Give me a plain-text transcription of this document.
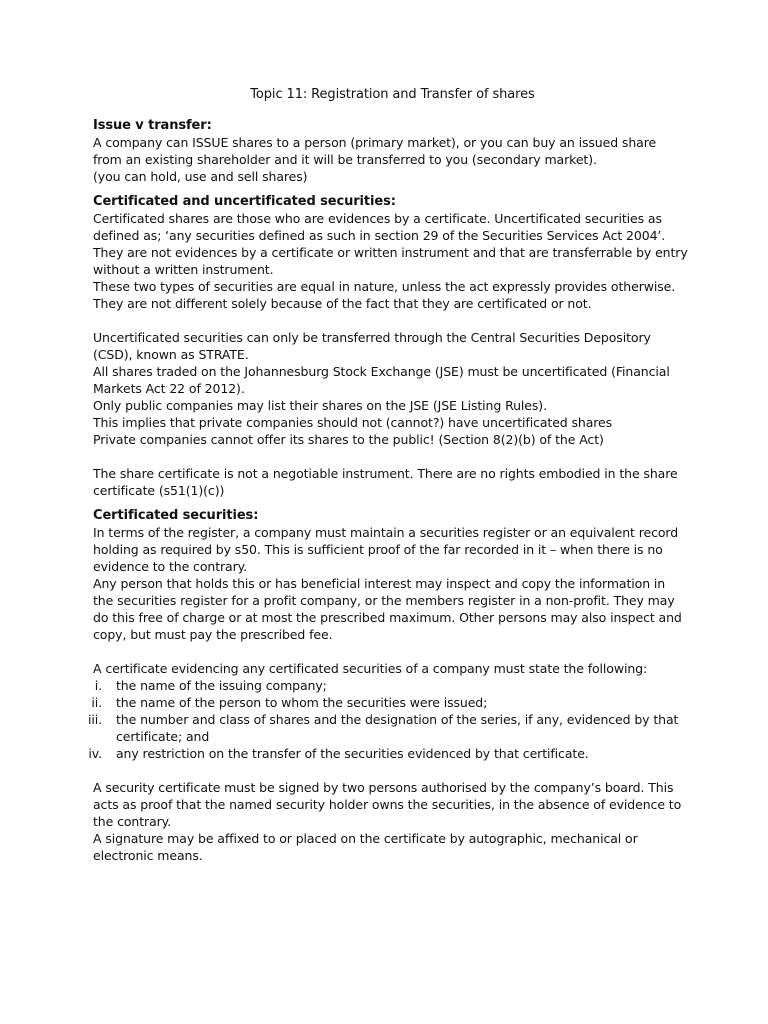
Topic 11: Registration and Transfer of shares
Issue v transfer:

A company can ISSUE shares to a person (primary market), or you can buy an issued share from an existing shareholder and it will be transferred to you (secondary market).

(you can hold, use and sell shares)

Certificated and uncertificated securities:

Certificated shares are those who are evidences by a certificate. Uncertificated securities as defined as; ‘any securities defined as such in section 29 of the Securities Services Act 2004’. They are not evidences by a certificate or written instrument and that are transferrable by entry without a written instrument.

These two types of securities are equal in nature, unless the act expressly provides otherwise. They are not different solely because of the fact that they are certificated or not.

Uncertificated securities can only be transferred through the Central Securities Depository (CSD), known as STRATE.

All shares traded on the Johannesburg Stock Exchange (JSE) must be uncertificated (Financial Markets Act 22 of 2012).

Only public companies may list their shares on the JSE (JSE Listing Rules).

This implies that private companies should not (cannot?) have uncertificated shares

Private companies cannot offer its shares to the public! (Section 8(2)(b) of the Act)

The share certificate is not a negotiable instrument. There are no rights embodied in the share certificate (s51(1)(c))

Certificated securities:

In terms of the register, a company must maintain a securities register or an equivalent record holding as required by s50. This is sufficient proof of the far recorded in it – when there is no evidence to the contrary.

Any person that holds this or has beneficial interest may inspect and copy the information in the securities register for a profit company, or the members register in a non-profit. They may do this free of charge or at most the prescribed maximum. Other persons may also inspect and copy, but must pay the prescribed fee.

A certificate evidencing any certificated securities of a company must state the following:

i.	the name of the issuing company;
ii.	the name of the person to whom the securities were issued;
iii.	the number and class of shares and the designation of the series, if any, evidenced by that certificate; and
iv.	any restriction on the transfer of the securities evidenced by that certificate.

A security certificate must be signed by two persons authorised by the company’s board. This acts as proof that the named security holder owns the securities, in the absence of evidence to the contrary.

A signature may be affixed to or placed on the certificate by autographic, mechanical or electronic means.
